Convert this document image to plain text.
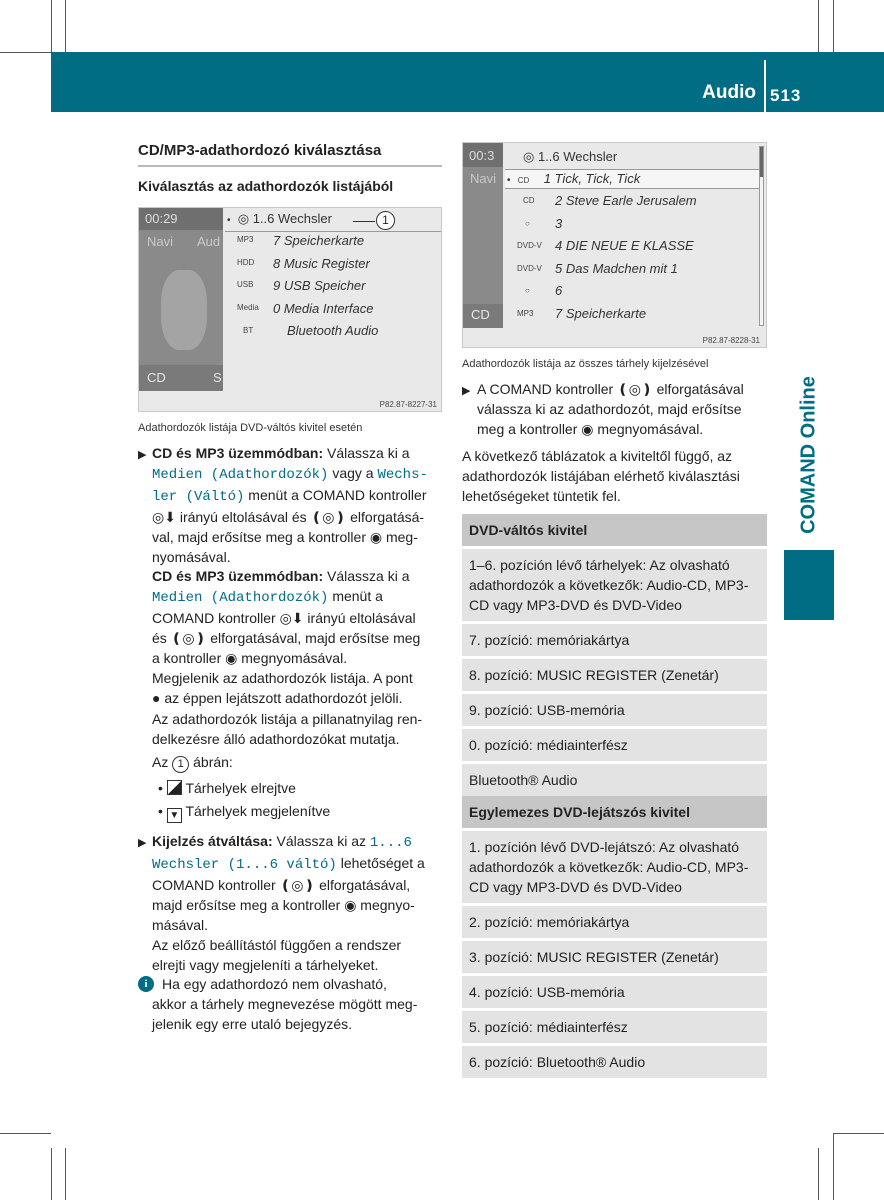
Audio 513
COMAND Online
CD/MP3-adathordozó kiválasztása
Kiválasztás az adathordozók listájából
00:29
Navi Aud
CD	S
• ◎ 1..6 Wechsler	1
MP3 7 Speicherkarte
HDD 8 Music Register
USB 9 USB Speicher
Media 0 Media Interface
BT	Bluetooth Audio
P82.87-8227-31
Adathordozók listája DVD-váltós kivitel esetén
▶ CD és MP3 üzemmódban: Válassza ki a
Medien (Adathordozók) vagy a Wechs-
ler (Váltó) menüt a COMAND kontroller
◎⬇ irányú eltolásával és ❪◎❫ elforgatásá-
val, majd erősítse meg a kontroller ◉ meg-
nyomásával.
CD és MP3 üzemmódban: Válassza ki a
Medien (Adathordozók) menüt a
COMAND kontroller ◎⬇ irányú eltolásával
és ❪◎❫ elforgatásával, majd erősítse meg
a kontroller ◉ megnyomásával.
Megjelenik az adathordozók listája. A pont
● az éppen lejátszott adathordozót jelöli.
Az adathordozók listája a pillanatnyilag ren-
delkezésre álló adathordozókat mutatja.
Az 1 ábrán:
•  Tárhelyek elrejtve
• ▼ Tárhelyek megjelenítve
▶ Kijelzés átváltása: Válassza ki az 1...6
Wechsler (1...6 váltó) lehetőséget a
COMAND kontroller ❪◎❫ elforgatásával,
majd erősítse meg a kontroller ◉ megnyo-
másával.
Az előző beállítástól függően a rendszer
elrejti vagy megjeleníti a tárhelyeket.
i	Ha egy adathordozó nem olvasható,
akkor a tárhely megnevezése mögött meg-
jelenik egy erre utaló bejegyzés.
00:3
Navi
CD
◎ 1..6 Wechsler
• CD 1 Tick, Tick, Tick
CD 2 Steve Earle Jerusalem
○ 3
DVD-V 4 DIE NEUE E KLASSE
DVD-V 5 Das Madchen mit 1
○ 6
MP3 7 Speicherkarte
P82.87-8228-31
Adathordozók listája az összes tárhely kijelzésével
▶ A COMAND kontroller ❪◎❫ elforgatásával
válassza ki az adathordozót, majd erősítse
meg a kontroller ◉ megnyomásával.
A következő táblázatok a kiviteltől függő, az
adathordozók listájában elérhető kiválasztási
lehetőségeket tüntetik fel.
DVD-váltós kivitel
1–6. pozíción lévő tárhelyek: Az olvasható adathordozók a következők: Audio-CD, MP3-CD vagy MP3-DVD és DVD-Video
7. pozíció: memóriakártya
8. pozíció: MUSIC REGISTER (Zenetár)
9. pozíció: USB-memória
0. pozíció: médiainterfész
Bluetooth® Audio
Egylemezes DVD-lejátszós kivitel
1. pozíción lévő DVD-lejátszó: Az olvasható adathordozók a következők: Audio-CD, MP3-CD vagy MP3-DVD és DVD-Video
2. pozíció: memóriakártya
3. pozíció: MUSIC REGISTER (Zenetár)
4. pozíció: USB-memória
5. pozíció: médiainterfész
6. pozíció: Bluetooth® Audio
